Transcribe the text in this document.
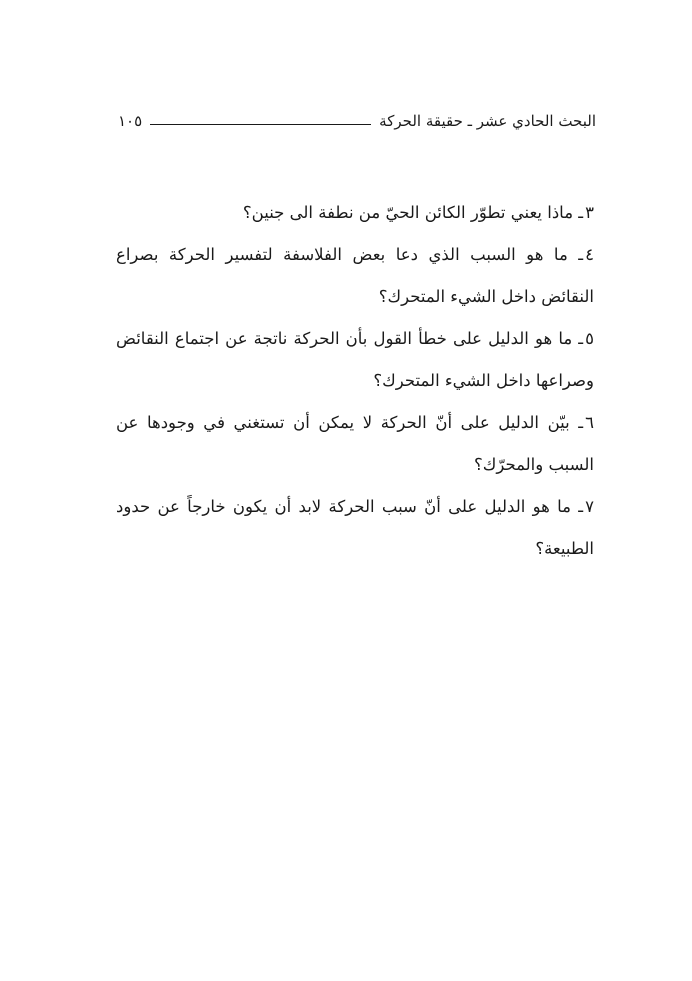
البحث الحادي عشر ـ حقيقة الحركة
١٠٥

٣ـ ماذا يعني تطوّر الكائن الحيّ من نطفة الى جنين؟

٤ـ ما هو السبب الذي دعا بعض الفلاسفة لتفسير الحركة بصراع النقائض داخل الشيء المتحرك؟

٥ـ ما هو الدليل على خطأ القول بأن الحركة ناتجة عن اجتماع النقائض وصراعها داخل الشيء المتحرك؟

٦ـ بيّن الدليل على أنّ الحركة لا يمكن أن تستغني في وجودها عن السبب والمحرّك؟

٧ـ ما هو الدليل على أنّ سبب الحركة لابد أن يكون خارجاً عن حدود الطبيعة؟
